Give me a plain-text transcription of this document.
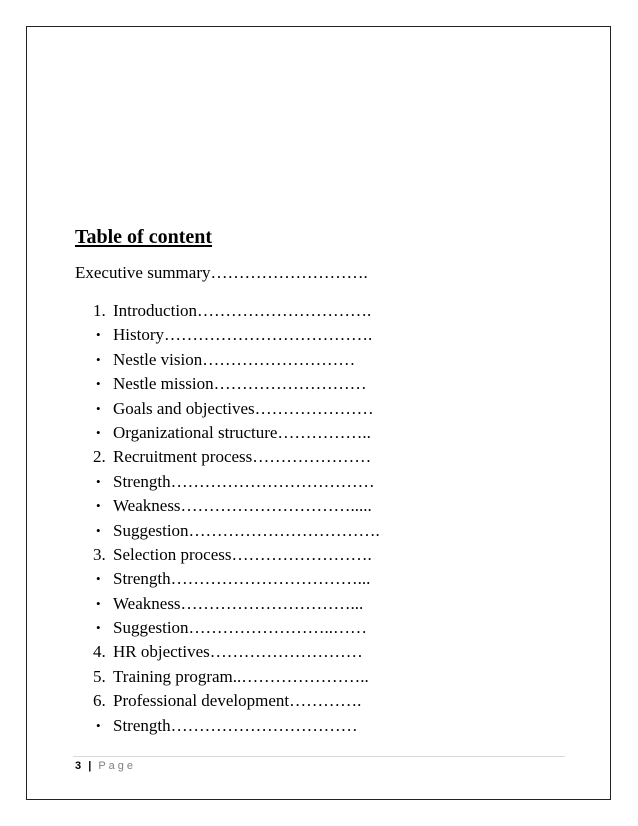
Table of content

Executive summary……………………….

1. Introduction………………………….
• History……………………………….
• Nestle vision………………………
• Nestle mission………………………
• Goals and objectives…………………
• Organizational structure……………..
2. Recruitment process…………………
• Strength………………………………
• Weakness………………………….....
• Suggestion…………………………….
3. Selection process…………………….
• Strength……………………………...
• Weakness…………………………...
• Suggestion……………………..……
4. HR objectives………………………
5. Training program..…………………..
6. Professional development………….
• Strength……………………………
3 | Page
